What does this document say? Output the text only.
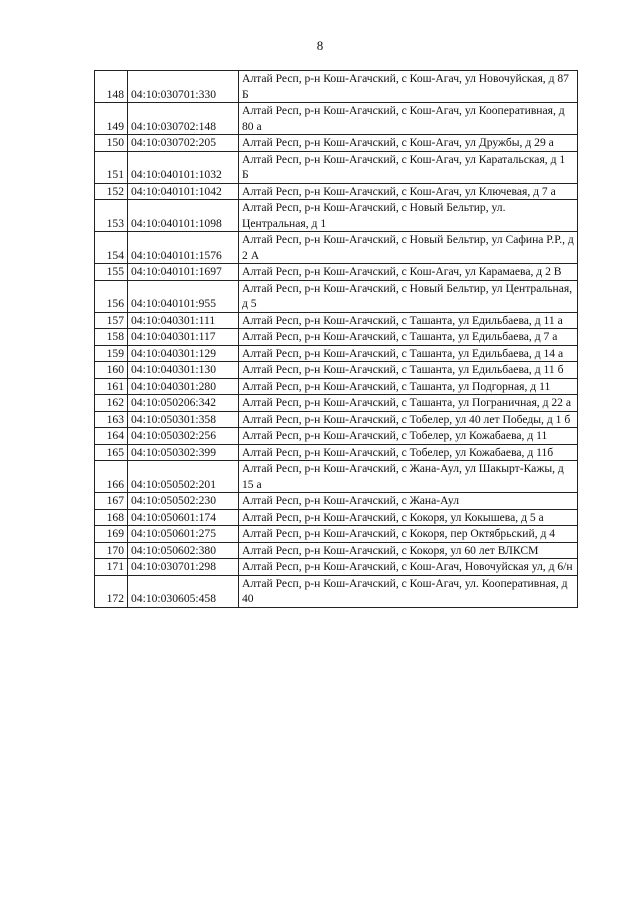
8
148	04:10:030701:330	Алтай Респ, р-н Кош-Агачский, с Кош-Агач, ул Новочуйская, д 87 Б
149	04:10:030702:148	Алтай Респ, р-н Кош-Агачский, с Кош-Агач, ул Кооперативная, д 80 а
150	04:10:030702:205	Алтай Респ, р-н Кош-Агачский, с Кош-Агач, ул Дружбы, д 29 а
151	04:10:040101:1032	Алтай Респ, р-н Кош-Агачский, с Кош-Агач, ул Каратальская, д 1 Б
152	04:10:040101:1042	Алтай Респ, р-н Кош-Агачский, с Кош-Агач, ул Ключевая, д 7 а
153	04:10:040101:1098	Алтай Респ, р-н Кош-Агачский, с Новый Бельтир, ул. Центральная, д 1
154	04:10:040101:1576	Алтай Респ, р-н Кош-Агачский, с Новый Бельтир, ул Сафина Р.Р., д 2 А
155	04:10:040101:1697	Алтай Респ, р-н Кош-Агачский, с Кош-Агач, ул Карамаева, д 2 В
156	04:10:040101:955	Алтай Респ, р-н Кош-Агачский, с Новый Бельтир, ул Центральная, д 5
157	04:10:040301:111	Алтай Респ, р-н Кош-Агачский, с Ташанта, ул Едильбаева, д 11 а
158	04:10:040301:117	Алтай Респ, р-н Кош-Агачский, с Ташанта, ул Едильбаева, д 7 а
159	04:10:040301:129	Алтай Респ, р-н Кош-Агачский, с Ташанта, ул Едильбаева, д 14 а
160	04:10:040301:130	Алтай Респ, р-н Кош-Агачский, с Ташанта, ул Едильбаева, д 11 б
161	04:10:040301:280	Алтай Респ, р-н Кош-Агачский, с Ташанта, ул Подгорная, д 11
162	04:10:050206:342	Алтай Респ, р-н Кош-Агачский, с Ташанта, ул Пограничная, д 22 а
163	04:10:050301:358	Алтай Респ, р-н Кош-Агачский, с Тобелер, ул 40 лет Победы, д 1 б
164	04:10:050302:256	Алтай Респ, р-н Кош-Агачский, с Тобелер, ул Кожабаева, д 11
165	04:10:050302:399	Алтай Респ, р-н Кош-Агачский, с Тобелер, ул Кожабаева, д 11б
166	04:10:050502:201	Алтай Респ, р-н Кош-Агачский, с Жана-Аул, ул Шакырт-Кажы, д 15 а
167	04:10:050502:230	Алтай Респ, р-н Кош-Агачский, с Жана-Аул
168	04:10:050601:174	Алтай Респ, р-н Кош-Агачский, с Кокоря, ул Кокышева, д 5 а
169	04:10:050601:275	Алтай Респ, р-н Кош-Агачский, с Кокоря, пер Октябрьский, д 4
170	04:10:050602:380	Алтай Респ, р-н Кош-Агачский, с Кокоря, ул 60 лет ВЛКСМ
171	04:10:030701:298	Алтай Респ, р-н Кош-Агачский, с Кош-Агач, Новочуйская ул, д 6/н
172	04:10:030605:458	Алтай Респ, р-н Кош-Агачский, с Кош-Агач, ул. Кооперативная, д 40
